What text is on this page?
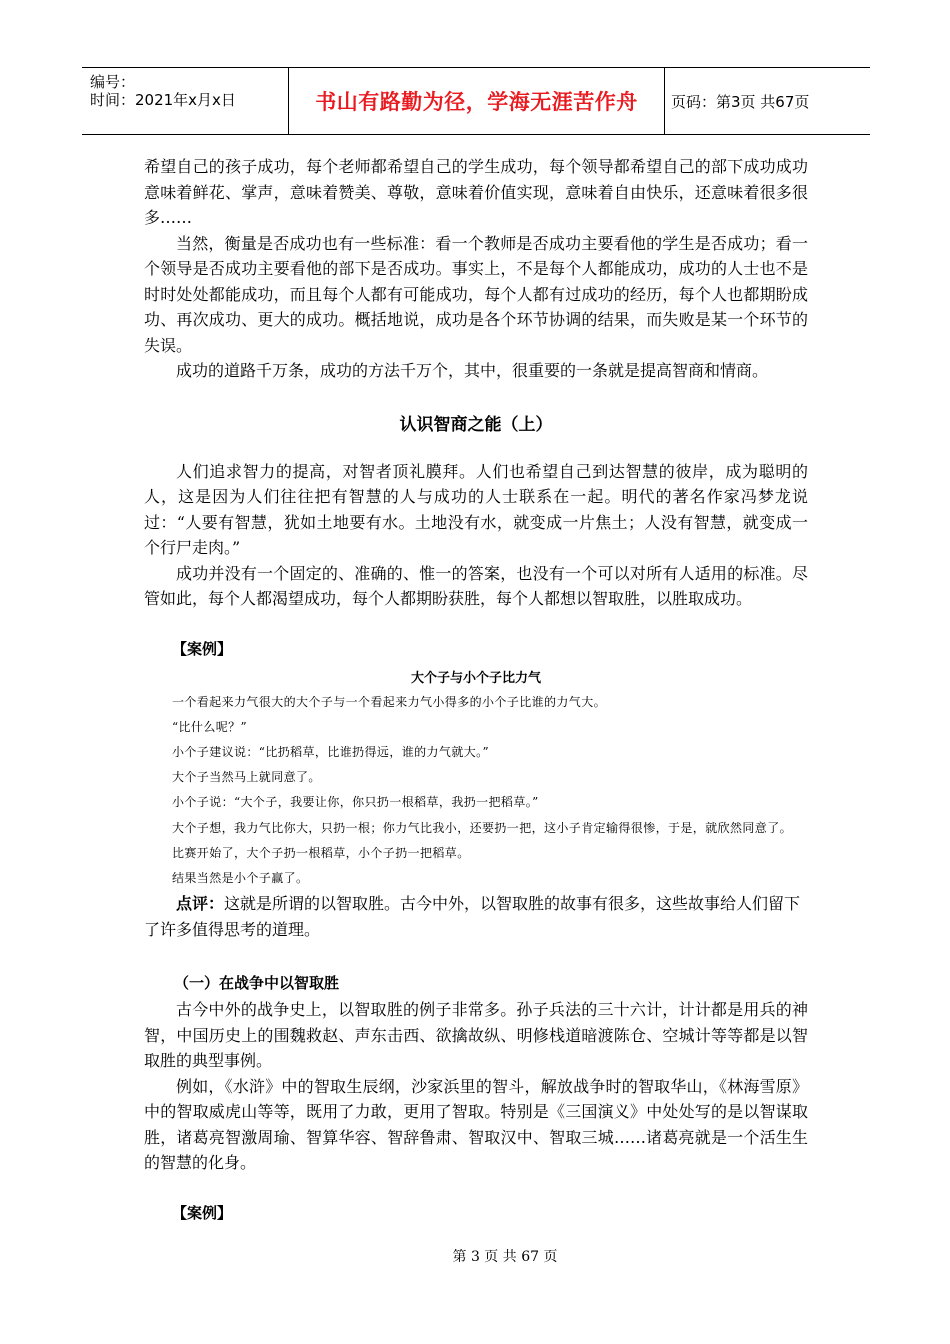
编号：
时间：2021年x月x日	书山有路勤为径，学海无涯苦作舟	页码：第3页 共67页

希望自己的孩子成功，每个老师都希望自己的学生成功，每个领导都希望自己的部下成功成功意味着鲜花、掌声，意味着赞美、尊敬，意味着价值实现，意味着自由快乐，还意味着很多很多……

当然，衡量是否成功也有一些标准：看一个教师是否成功主要看他的学生是否成功；看一个领导是否成功主要看他的部下是否成功。事实上，不是每个人都能成功，成功的人士也不是时时处处都能成功，而且每个人都有可能成功，每个人都有过成功的经历，每个人也都期盼成功、再次成功、更大的成功。概括地说，成功是各个环节协调的结果，而失败是某一个环节的失误。

成功的道路千万条，成功的方法千万个，其中，很重要的一条就是提高智商和情商。

认识智商之能（上）

人们追求智力的提高，对智者顶礼膜拜。人们也希望自己到达智慧的彼岸，成为聪明的人，这是因为人们往往把有智慧的人与成功的人士联系在一起。明代的著名作家冯梦龙说过：“人要有智慧，犹如土地要有水。土地没有水，就变成一片焦土；人没有智慧，就变成一个行尸走肉。”

成功并没有一个固定的、准确的、惟一的答案，也没有一个可以对所有人适用的标准。尽管如此，每个人都渴望成功，每个人都期盼获胜，每个人都想以智取胜，以胜取成功。

【案例】
大个子与小个子比力气

一个看起来力气很大的大个子与一个看起来力气小得多的小个子比谁的力气大。

“比什么呢？”

小个子建议说：“比扔稻草，比谁扔得远，谁的力气就大。”

大个子当然马上就同意了。

小个子说：“大个子，我要让你，你只扔一根稻草，我扔一把稻草。”

大个子想，我力气比你大，只扔一根；你力气比我小，还要扔一把，这小子肯定输得很惨，于是，就欣然同意了。

比赛开始了，大个子扔一根稻草，小个子扔一把稻草。

结果当然是小个子赢了。

点评：这就是所谓的以智取胜。古今中外，以智取胜的故事有很多，这些故事给人们留下了许多值得思考的道理。

（一）在战争中以智取胜

古今中外的战争史上，以智取胜的例子非常多。孙子兵法的三十六计，计计都是用兵的神智，中国历史上的围魏救赵、声东击西、欲擒故纵、明修栈道暗渡陈仓、空城计等等都是以智取胜的典型事例。

例如，《水浒》中的智取生辰纲，沙家浜里的智斗，解放战争时的智取华山，《林海雪原》中的智取威虎山等等，既用了力敢，更用了智取。特别是《三国演义》中处处写的是以智谋取胜，诸葛亮智激周瑜、智算华容、智辞鲁肃、智取汉中、智取三城……诸葛亮就是一个活生生的智慧的化身。

【案例】
第 3 页 共 67 页
